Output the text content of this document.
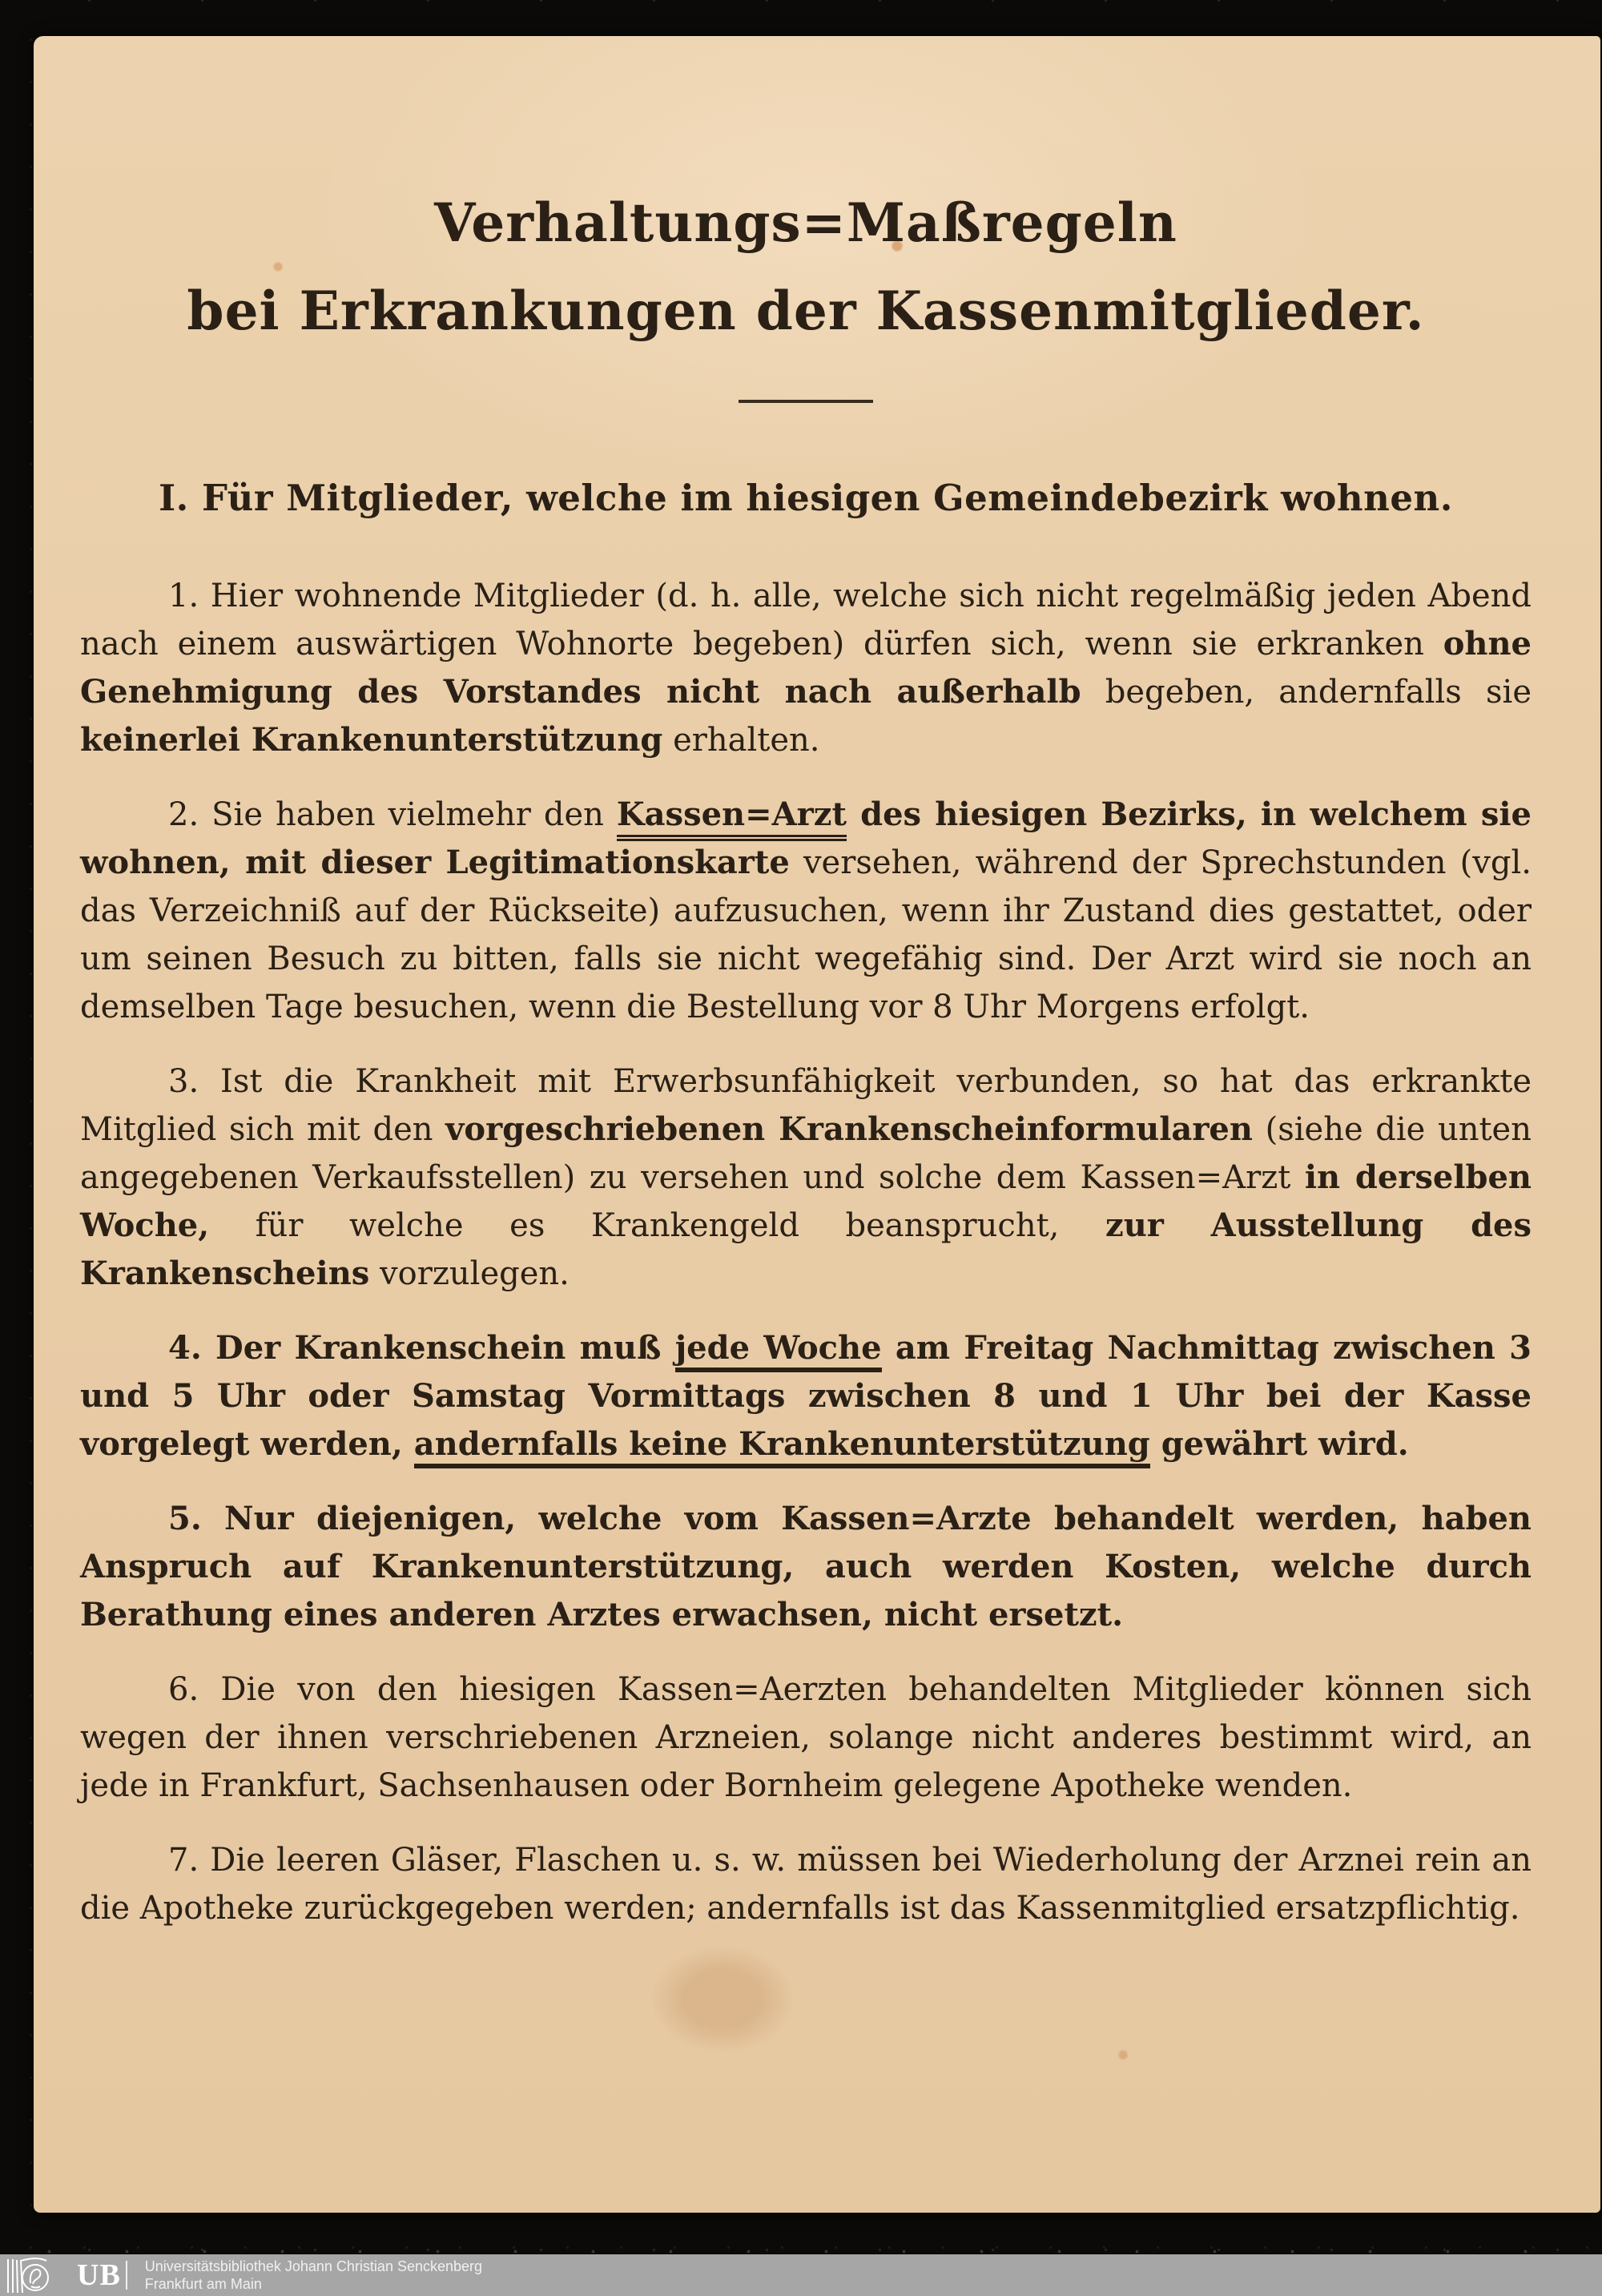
Verhaltungs=Maßregeln
bei Erkrankungen der Kassenmitglieder.
I. Für Mitglieder, welche im hiesigen Gemeindebezirk wohnen.
1. Hier wohnende Mitglieder (d. h. alle, welche sich nicht regelmäßig jeden Abend nach einem auswärtigen Wohnorte begeben) dürfen sich, wenn sie erkranken ohne Genehmigung des Vorstandes nicht nach außerhalb begeben, andernfalls sie keinerlei Krankenunterstützung erhalten.
2. Sie haben vielmehr den Kassen=Arzt des hiesigen Bezirks, in welchem sie wohnen, mit dieser Legitimationskarte versehen, während der Sprechstunden (vgl. das Verzeichniß auf der Rückseite) aufzusuchen, wenn ihr Zustand dies gestattet, oder um seinen Besuch zu bitten, falls sie nicht wegefähig sind. Der Arzt wird sie noch an demselben Tage besuchen, wenn die Bestellung vor 8 Uhr Morgens erfolgt.
3. Ist die Krankheit mit Erwerbsunfähigkeit verbunden, so hat das erkrankte Mitglied sich mit den vorgeschriebenen Krankenscheinformularen (siehe die unten angegebenen Verkaufsstellen) zu versehen und solche dem Kassen=Arzt in derselben Woche, für welche es Krankengeld beansprucht, zur Ausstellung des Krankenscheins vorzulegen.
4. Der Krankenschein muß jede Woche am Freitag Nachmittag zwischen 3 und 5 Uhr oder Samstag Vormittags zwischen 8 und 1 Uhr bei der Kasse vorgelegt werden, andernfalls keine Krankenunterstützung gewährt wird.
5. Nur diejenigen, welche vom Kassen=Arzte behandelt werden, haben Anspruch auf Krankenunterstützung, auch werden Kosten, welche durch Berathung eines anderen Arztes erwachsen, nicht ersetzt.
6. Die von den hiesigen Kassen=Aerzten behandelten Mitglieder können sich wegen der ihnen verschriebenen Arzneien, solange nicht anderes bestimmt wird, an jede in Frankfurt, Sachsenhausen oder Bornheim gelegene Apotheke wenden.
7. Die leeren Gläser, Flaschen u. s. w. müssen bei Wiederholung der Arznei rein an die Apotheke zurückgegeben werden; andernfalls ist das Kassenmitglied ersatzpflichtig.
UB Universitätsbibliothek Johann Christian Senckenberg
Frankfurt am Main
